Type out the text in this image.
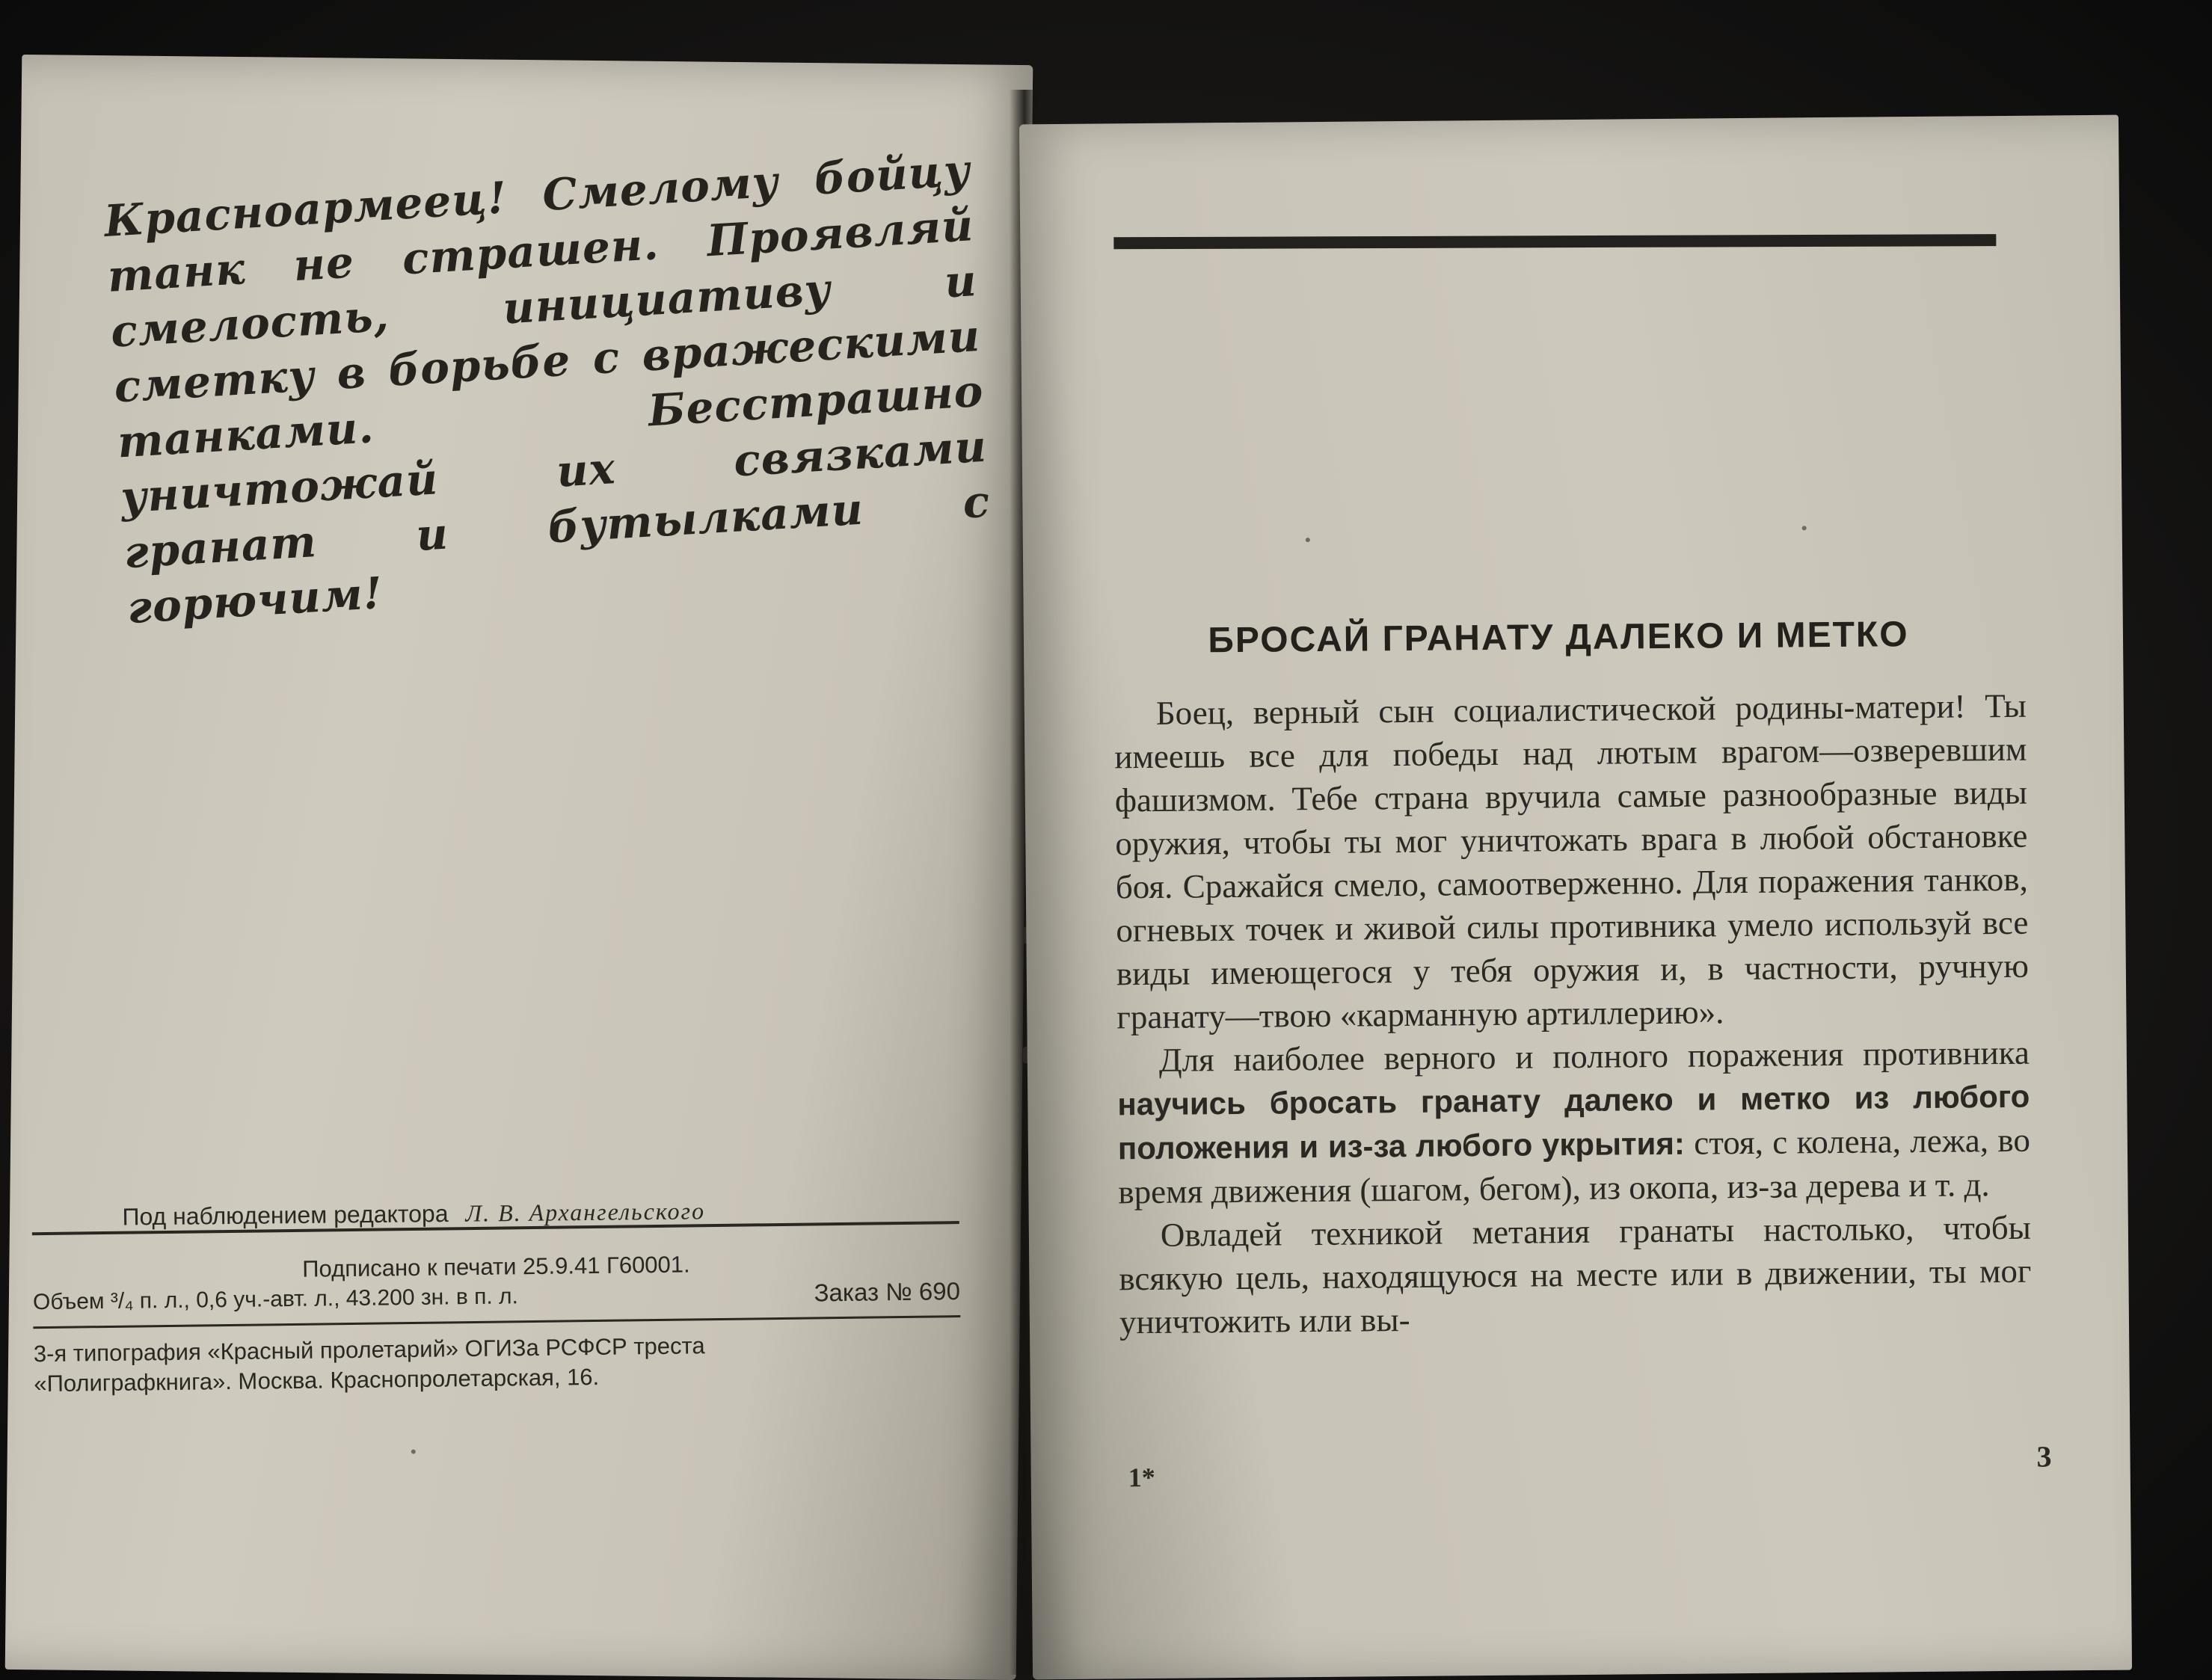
Красноармеец! Смелому бойцу танк не страшен. Проявляй смелость, инициативу и сметку в борьбе с вражескими танками. Бесстрашно уничтожай их связками гранат и бутылками с горючим!
Под наблюдением редактора Л. В. Архангельского
Подписано к печати 25.9.41 Г60001.
Объем ³/₄ п. л., 0,6 уч.-авт. л., 43.200 зн. в п. л.	Заказ № 690
3-я типография «Красный пролетарий» ОГИЗа РСФСР треста
«Полиграфкнига». Москва. Краснопролетарская, 16.
БРОСАЙ ГРАНАТУ ДАЛЕКО И МЕТКО

Боец, верный сын социалистической родины-матери! Ты имеешь все для победы над лютым врагом—озверевшим фашизмом. Тебе страна вручила самые разнообразные виды оружия, чтобы ты мог уничтожать врага в любой обстановке боя. Сражайся смело, самоотверженно. Для поражения танков, огневых точек и живой силы противника умело используй все виды имеющегося у тебя оружия и, в частности, ручную гранату—твою «карманную артиллерию».

Для наиболее верного и полного поражения противника научись бросать гранату далеко и метко из любого положения и из-за любого укрытия: стоя, с колена, лежа, во время движения (шагом, бегом), из окопа, из-за дерева и т. д.

Овладей техникой метания гранаты настолько, чтобы всякую цель, находящуюся на месте или в движении, ты мог уничтожить или вы-

1*
3
